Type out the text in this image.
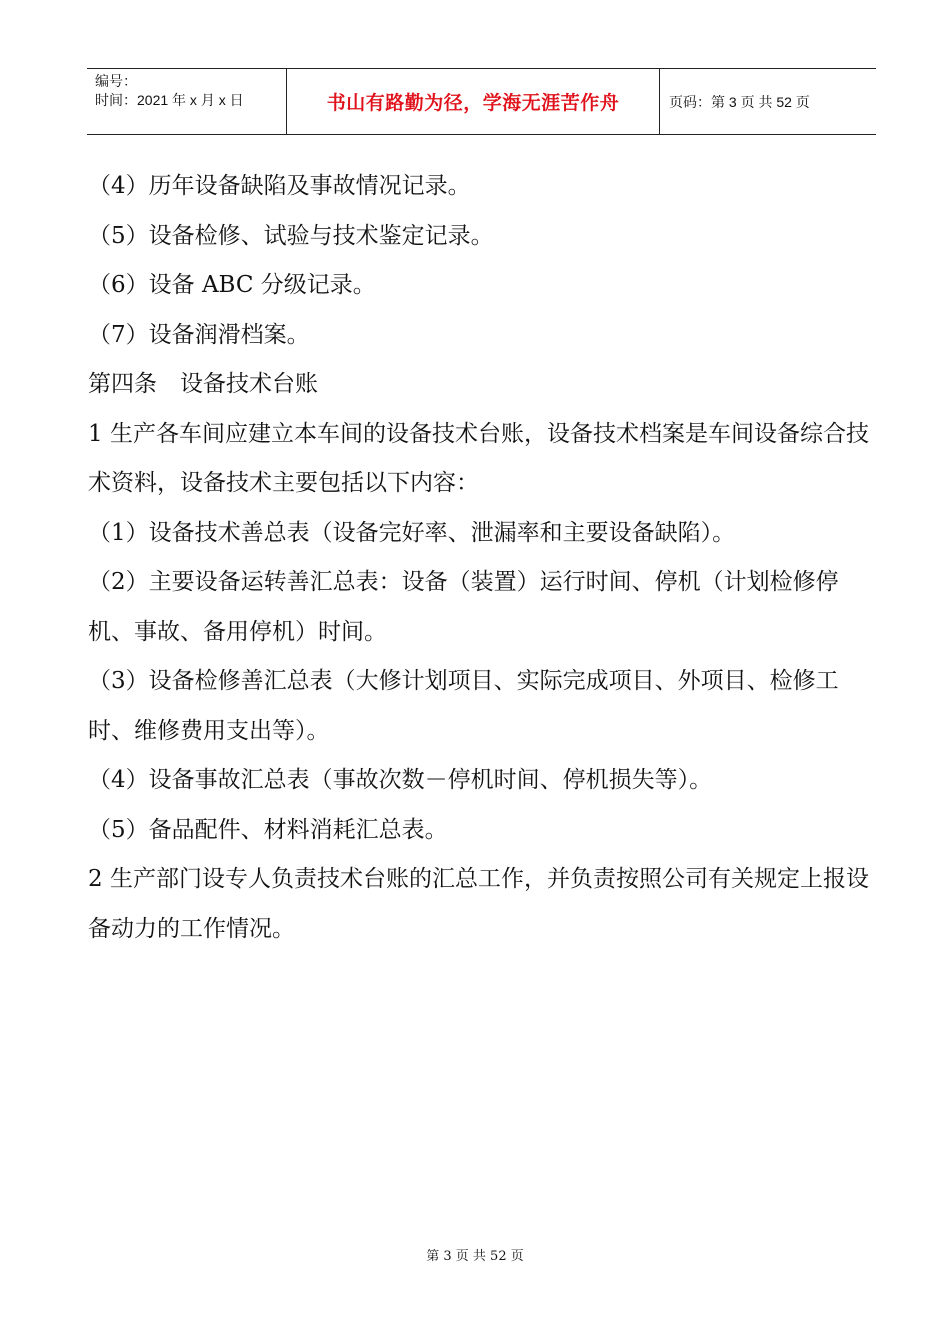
编号：
时间：2021 年 x 月 x 日	书山有路勤为径，学海无涯苦作舟	页码：第 3 页 共 52 页

（4）历年设备缺陷及事故情况记录。

（5）设备检修、试验与技术鉴定记录。

（6）设备 ABC 分级记录。

（7）设备润滑档案。

第四条　设备技术台账

1 生产各车间应建立本车间的设备技术台账，设备技术档案是车间设备综合技术资料，设备技术主要包括以下内容：

（1）设备技术善总表（设备完好率、泄漏率和主要设备缺陷）。

（2）主要设备运转善汇总表：设备（装置）运行时间、停机（计划检修停机、事故、备用停机）时间。

（3）设备检修善汇总表（大修计划项目、实际完成项目、外项目、检修工时、维修费用支出等）。

（4）设备事故汇总表（事故次数－停机时间、停机损失等）。

（5）备品配件、材料消耗汇总表。

2 生产部门设专人负责技术台账的汇总工作，并负责按照公司有关规定上报设备动力的工作情况。

第 3 页 共 52 页
